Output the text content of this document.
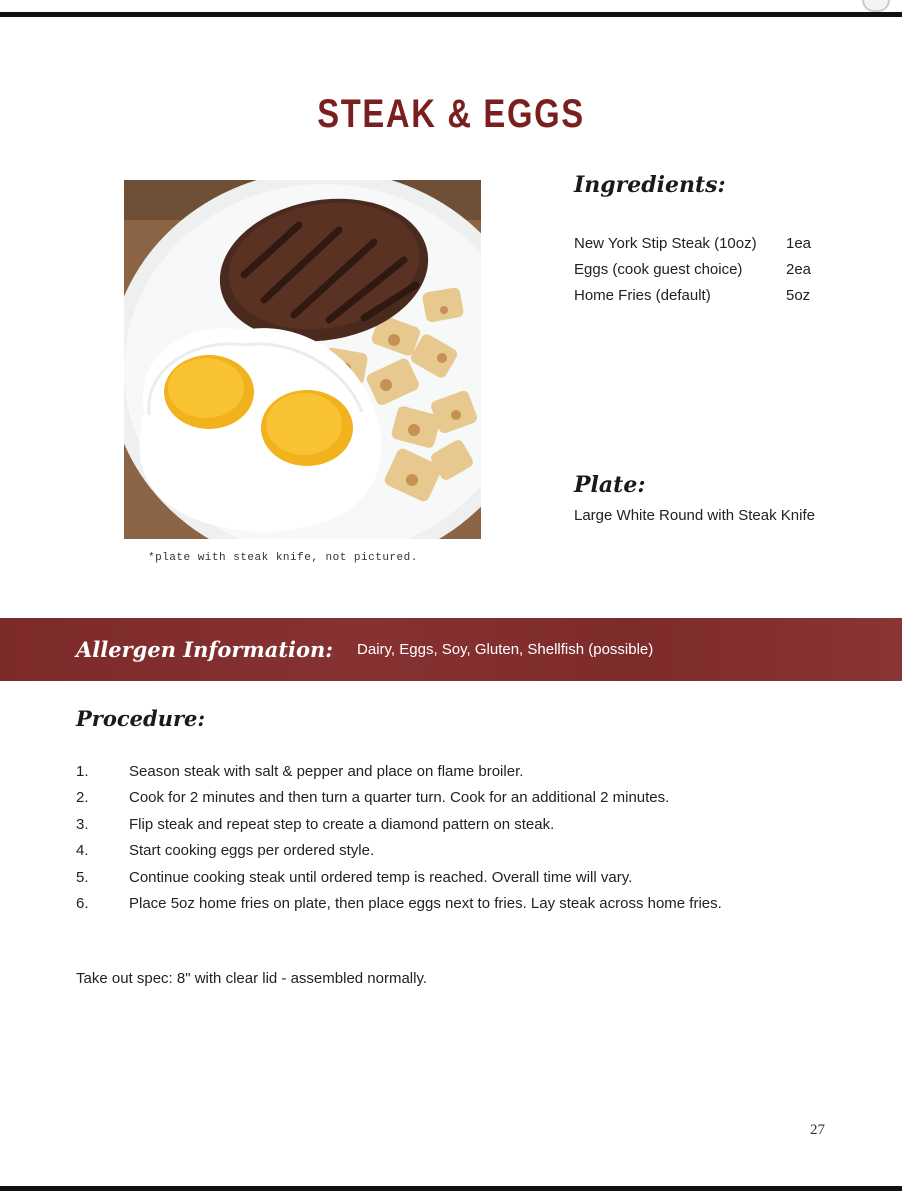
STEAK & EGGS
*plate with steak knife, not pictured.
Ingredients:
New York Stip Steak (10oz)	1ea
Eggs (cook guest choice)	2ea
Home Fries (default)	5oz
Plate:
Large White Round with Steak Knife
Allergen Information: Dairy, Eggs, Soy, Gluten, Shellfish (possible)
Procedure:
1.	Season steak with salt & pepper and place on flame broiler.
2.	Cook for 2 minutes and then turn a quarter turn. Cook for an additional 2 minutes.
3.	Flip steak and repeat step to create a diamond pattern on steak.
4.	Start cooking eggs per ordered style.
5.	Continue cooking steak until ordered temp is reached. Overall time will vary.
6.	Place 5oz home fries on plate, then place eggs next to fries. Lay steak across home fries.
Take out spec: 8" with clear lid - assembled normally.
27
